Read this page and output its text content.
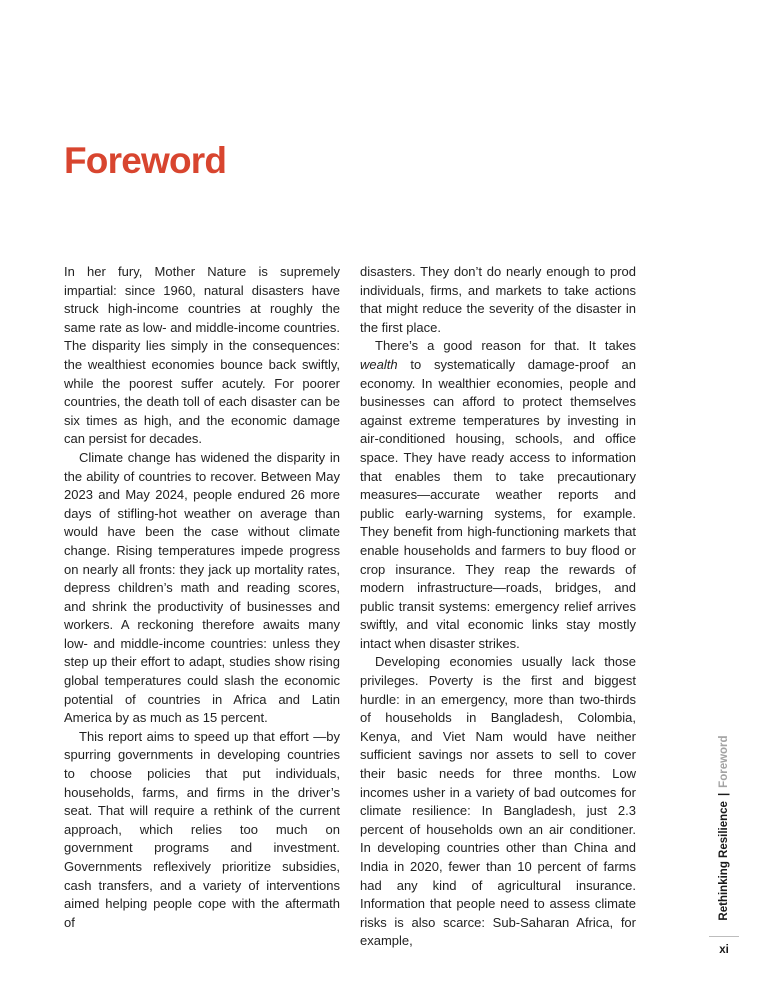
Foreword

In her fury, Mother Nature is supremely impartial: since 1960, natural disasters have struck high-income countries at roughly the same rate as low- and middle-income countries. The disparity lies simply in the consequences: the wealthiest economies bounce back swiftly, while the poorest suffer acutely. For poorer countries, the death toll of each disaster can be six times as high, and the economic damage can persist for decades.

Climate change has widened the disparity in the ability of countries to recover. Between May 2023 and May 2024, people endured 26 more days of stifling-hot weather on average than would have been the case without climate change. Rising temperatures impede progress on nearly all fronts: they jack up mortality rates, depress children’s math and reading scores, and shrink the productivity of businesses and workers. A reckoning therefore awaits many low- and middle-income countries: unless they step up their effort to adapt, studies show rising global temperatures could slash the economic potential of countries in Africa and Latin America by as much as 15 percent.

This report aims to speed up that effort —by spurring governments in developing countries to choose policies that put individuals, households, farms, and firms in the driver’s seat. That will require a rethink of the current approach, which relies too much on government programs and investment. Governments reflexively prioritize subsidies, cash transfers, and a variety of interventions aimed helping people cope with the aftermath of

disasters. They don’t do nearly enough to prod individuals, firms, and markets to take actions that might reduce the severity of the disaster in the first place.

There’s a good reason for that. It takes wealth to systematically damage-proof an economy. In wealthier economies, people and businesses can afford to protect themselves against extreme temperatures by investing in air-conditioned housing, schools, and office space. They have ready access to information that enables them to take precautionary measures—accurate weather reports and public early-warning systems, for example. They benefit from high-functioning markets that enable households and farmers to buy flood or crop insurance. They reap the rewards of modern infrastructure—roads, bridges, and public transit systems: emergency relief arrives swiftly, and vital economic links stay mostly intact when disaster strikes.

Developing economies usually lack those privileges. Poverty is the first and biggest hurdle: in an emergency, more than two-thirds of households in Bangladesh, Colombia, Kenya, and Viet Nam would have neither sufficient savings nor assets to sell to cover their basic needs for three months. Low incomes usher in a variety of bad outcomes for climate resilience: In Bangladesh, just 2.3 percent of households own an air conditioner. In developing countries other than China and India in 2020, fewer than 10 percent of farms had any kind of agricultural insurance. Information that people need to assess climate risks is also scarce: Sub-Saharan Africa, for example,

Rethinking Resilience|Foreword
xi
